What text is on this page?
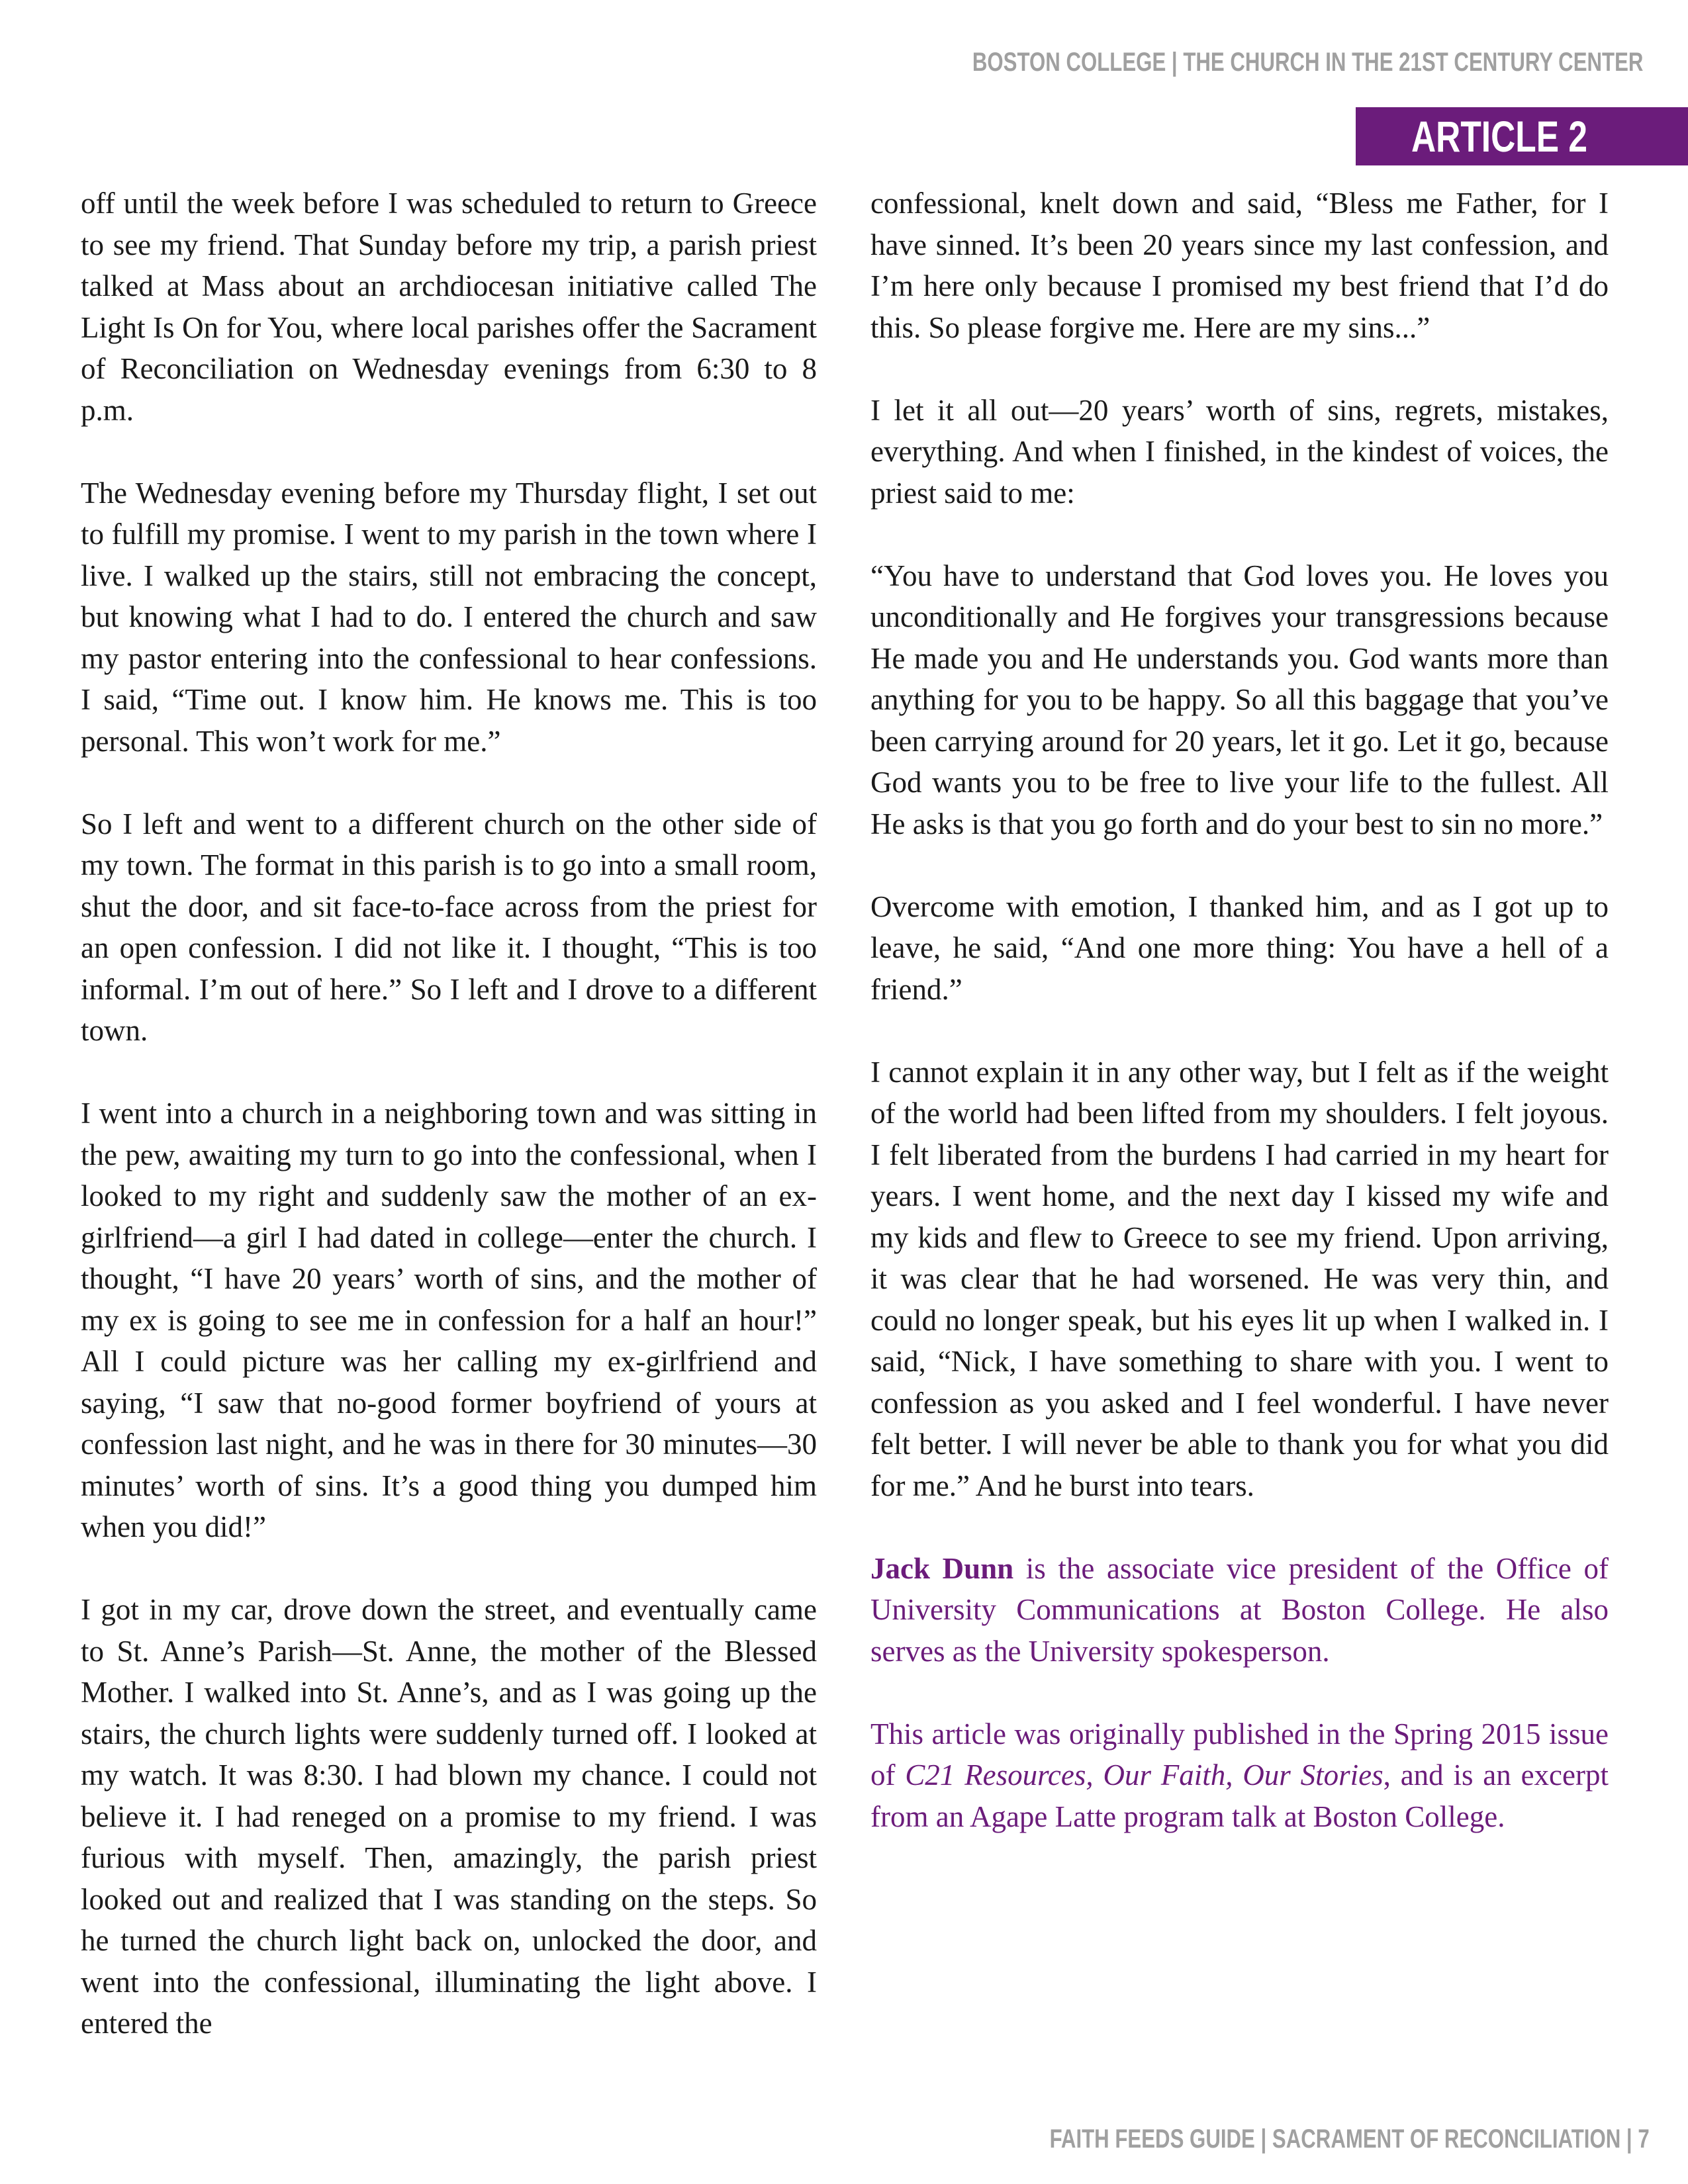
BOSTON COLLEGE | THE CHURCH IN THE 21ST CENTURY CENTER
ARTICLE 2

off until the week before I was scheduled to return to Greece to see my friend. That Sunday before my trip, a parish priest talked at Mass about an archdiocesan initiative called The Light Is On for You, where local parishes offer the Sacrament of Reconciliation on Wednesday evenings from 6:30 to 8 p.m.

The Wednesday evening before my Thursday flight, I set out to fulfill my promise. I went to my parish in the town where I live. I walked up the stairs, still not embracing the concept, but knowing what I had to do. I entered the church and saw my pastor entering into the confessional to hear confessions. I said, “Time out. I know him. He knows me. This is too personal. This won’t work for me.”

So I left and went to a different church on the other side of my town. The format in this parish is to go into a small room, shut the door, and sit face-to-face across from the priest for an open confession. I did not like it. I thought, “This is too informal. I’m out of here.” So I left and I drove to a different town.

I went into a church in a neighboring town and was sitting in the pew, awaiting my turn to go into the confessional, when I looked to my right and suddenly saw the mother of an ex-girlfriend—a girl I had dated in college—enter the church. I thought, “I have 20 years’ worth of sins, and the mother of my ex is going to see me in confession for a half an hour!” All I could picture was her calling my ex-girlfriend and saying, “I saw that no-good former boyfriend of yours at confession last night, and he was in there for 30 minutes—30 minutes’ worth of sins. It’s a good thing you dumped him when you did!”

I got in my car, drove down the street, and eventually came to St. Anne’s Parish—St. Anne, the mother of the Blessed Mother. I walked into St. Anne’s, and as I was going up the stairs, the church lights were suddenly turned off. I looked at my watch. It was 8:30. I had blown my chance. I could not believe it. I had reneged on a promise to my friend. I was furious with myself. Then, amazingly, the parish priest looked out and realized that I was standing on the steps. So he turned the church light back on, unlocked the door, and went into the confessional, illuminating the light above. I entered the

confessional, knelt down and said, “Bless me Father, for I have sinned. It’s been 20 years since my last confession, and I’m here only because I promised my best friend that I’d do this. So please forgive me. Here are my sins...”

I let it all out—20 years’ worth of sins, regrets, mistakes, everything. And when I finished, in the kindest of voices, the priest said to me:

“You have to understand that God loves you. He loves you unconditionally and He forgives your transgressions because He made you and He understands you. God wants more than anything for you to be happy. So all this baggage that you’ve been carrying around for 20 years, let it go. Let it go, because God wants you to be free to live your life to the fullest. All He asks is that you go forth and do your best to sin no more.”

Overcome with emotion, I thanked him, and as I got up to leave, he said, “And one more thing: You have a hell of a friend.”

I cannot explain it in any other way, but I felt as if the weight of the world had been lifted from my shoulders. I felt joyous. I felt liberated from the burdens I had carried in my heart for years. I went home, and the next day I kissed my wife and my kids and flew to Greece to see my friend. Upon arriving, it was clear that he had worsened. He was very thin, and could no longer speak, but his eyes lit up when I walked in. I said, “Nick, I have something to share with you. I went to confession as you asked and I feel wonderful. I have never felt better. I will never be able to thank you for what you did for me.” And he burst into tears.

Jack Dunn is the associate vice president of the Office of University Communications at Boston College. He also serves as the University spokesperson.

This article was originally published in the Spring 2015 issue of C21 Resources, Our Faith, Our Stories, and is an excerpt from an Agape Latte program talk at Boston College.

FAITH FEEDS GUIDE | SACRAMENT OF RECONCILIATION | 7
